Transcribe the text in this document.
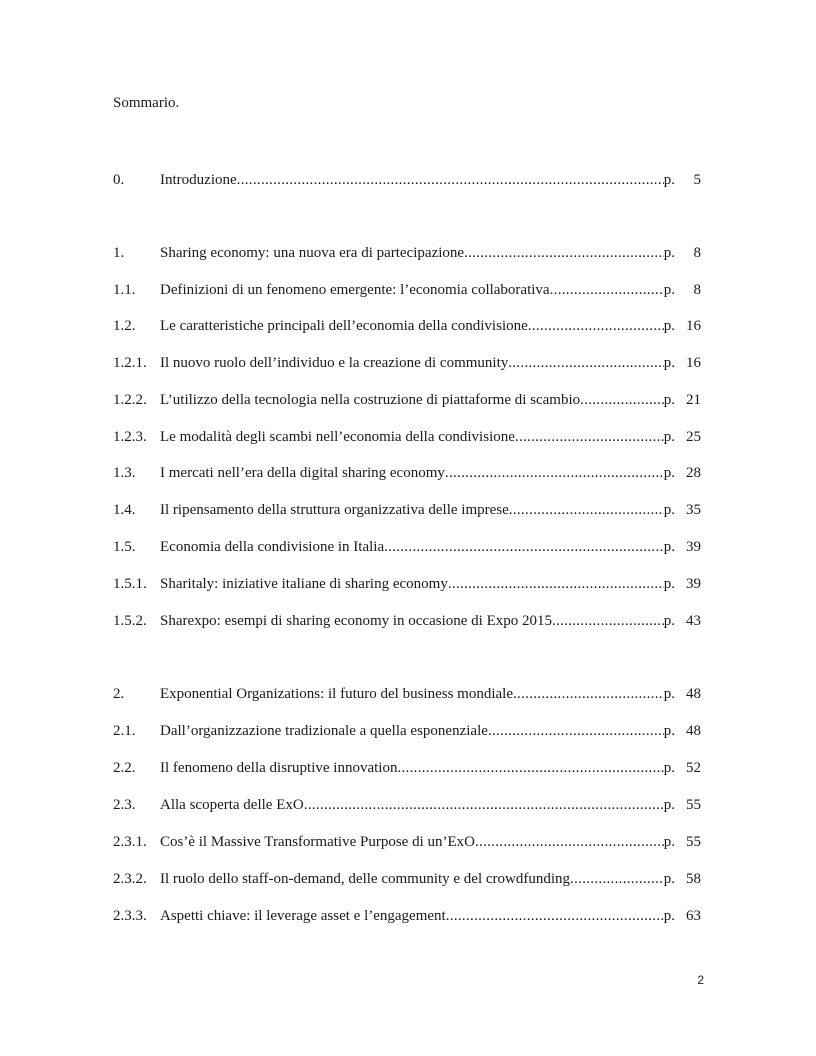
Sommario.
0.	Introduzione .....	p.	5
1.	Sharing economy: una nuova era di partecipazione .....	p.	8
1.1.	Definizioni di un fenomeno emergente: l’economia collaborativa .....	p.	8
1.2.	Le caratteristiche principali dell’economia della condivisione .....	p. 16
1.2.1. Il nuovo ruolo dell’individuo e la creazione di community .....	p. 16
1.2.2. L’utilizzo della tecnologia nella costruzione di piattaforme di scambio .....	p. 21
1.2.3. Le modalità degli scambi nell’economia della condivisione .....	p. 25
1.3.	I mercati nell’era della digital sharing economy .....	p. 28
1.4.	Il ripensamento della struttura organizzativa delle imprese .....	p. 35
1.5.	Economia della condivisione in Italia .....	p. 39
1.5.1. Sharitaly: iniziative italiane di sharing economy .....	p. 39
1.5.2. Sharexpo: esempi di sharing economy in occasione di Expo 2015 .....	p. 43
2.	Exponential Organizations: il futuro del business mondiale .....	p. 48
2.1.	Dall’organizzazione tradizionale a quella esponenziale .....	p. 48
2.2.	Il fenomeno della disruptive innovation .....	p. 52
2.3.	Alla scoperta delle ExO .....	p. 55
2.3.1. Cos’è il Massive Transformative Purpose di un’ExO .....	p. 55
2.3.2. Il ruolo dello staff-on-demand, delle community e del crowdfunding .....	p. 58
2.3.3. Aspetti chiave: il leverage asset e l’engagement .....	p. 63
2
